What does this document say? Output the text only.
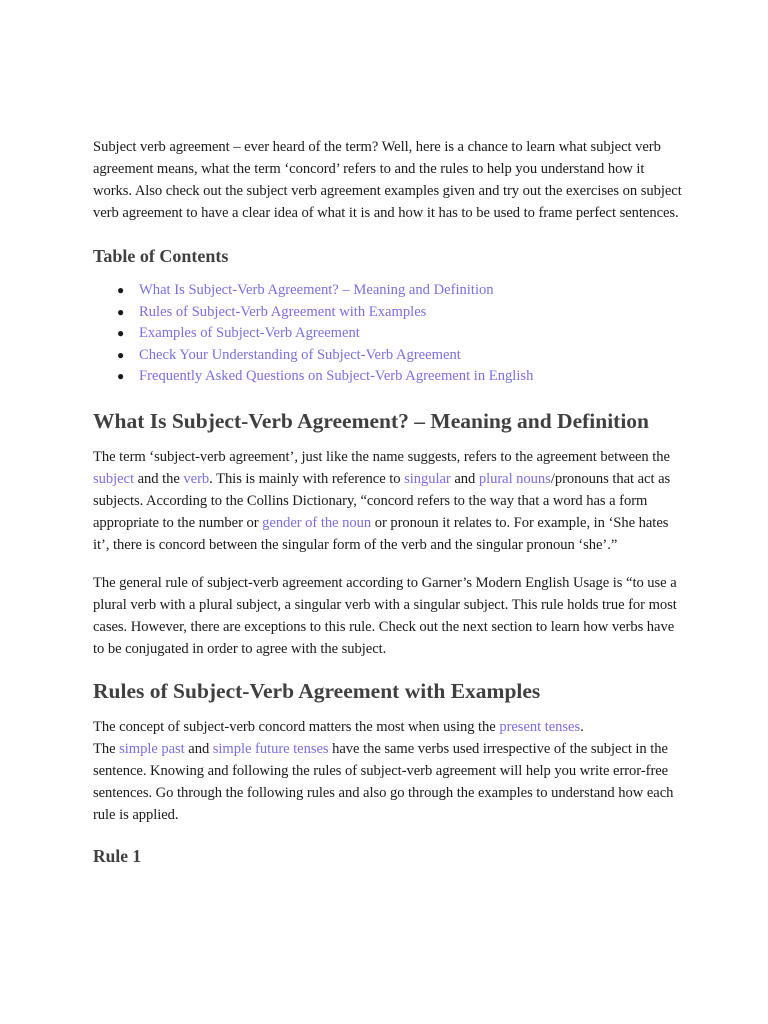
Subject verb agreement – ever heard of the term? Well, here is a chance to learn what subject verb agreement means, what the term ‘concord’ refers to and the rules to help you understand how it works. Also check out the subject verb agreement examples given and try out the exercises on subject verb agreement to have a clear idea of what it is and how it has to be used to frame perfect sentences.

Table of Contents
● What Is Subject-Verb Agreement? – Meaning and Definition
● Rules of Subject-Verb Agreement with Examples
● Examples of Subject-Verb Agreement
● Check Your Understanding of Subject-Verb Agreement
● Frequently Asked Questions on Subject-Verb Agreement in English
What Is Subject-Verb Agreement? – Meaning and Definition

The term ‘subject-verb agreement’, just like the name suggests, refers to the agreement between the subject and the verb. This is mainly with reference to singular and plural nouns/pronouns that act as subjects. According to the Collins Dictionary, “concord refers to the way that a word has a form appropriate to the number or gender of the noun or pronoun it relates to. For example, in ‘She hates it’, there is concord between the singular form of the verb and the singular pronoun ‘she’.”

The general rule of subject-verb agreement according to Garner’s Modern English Usage is “to use a plural verb with a plural subject, a singular verb with a singular subject. This rule holds true for most cases. However, there are exceptions to this rule. Check out the next section to learn how verbs have to be conjugated in order to agree with the subject.

Rules of Subject-Verb Agreement with Examples

The concept of subject-verb concord matters the most when using the present tenses.
The simple past and simple future tenses have the same verbs used irrespective of the subject in the sentence. Knowing and following the rules of subject-verb agreement will help you write error-free sentences. Go through the following rules and also go through the examples to understand how each rule is applied.

Rule 1
